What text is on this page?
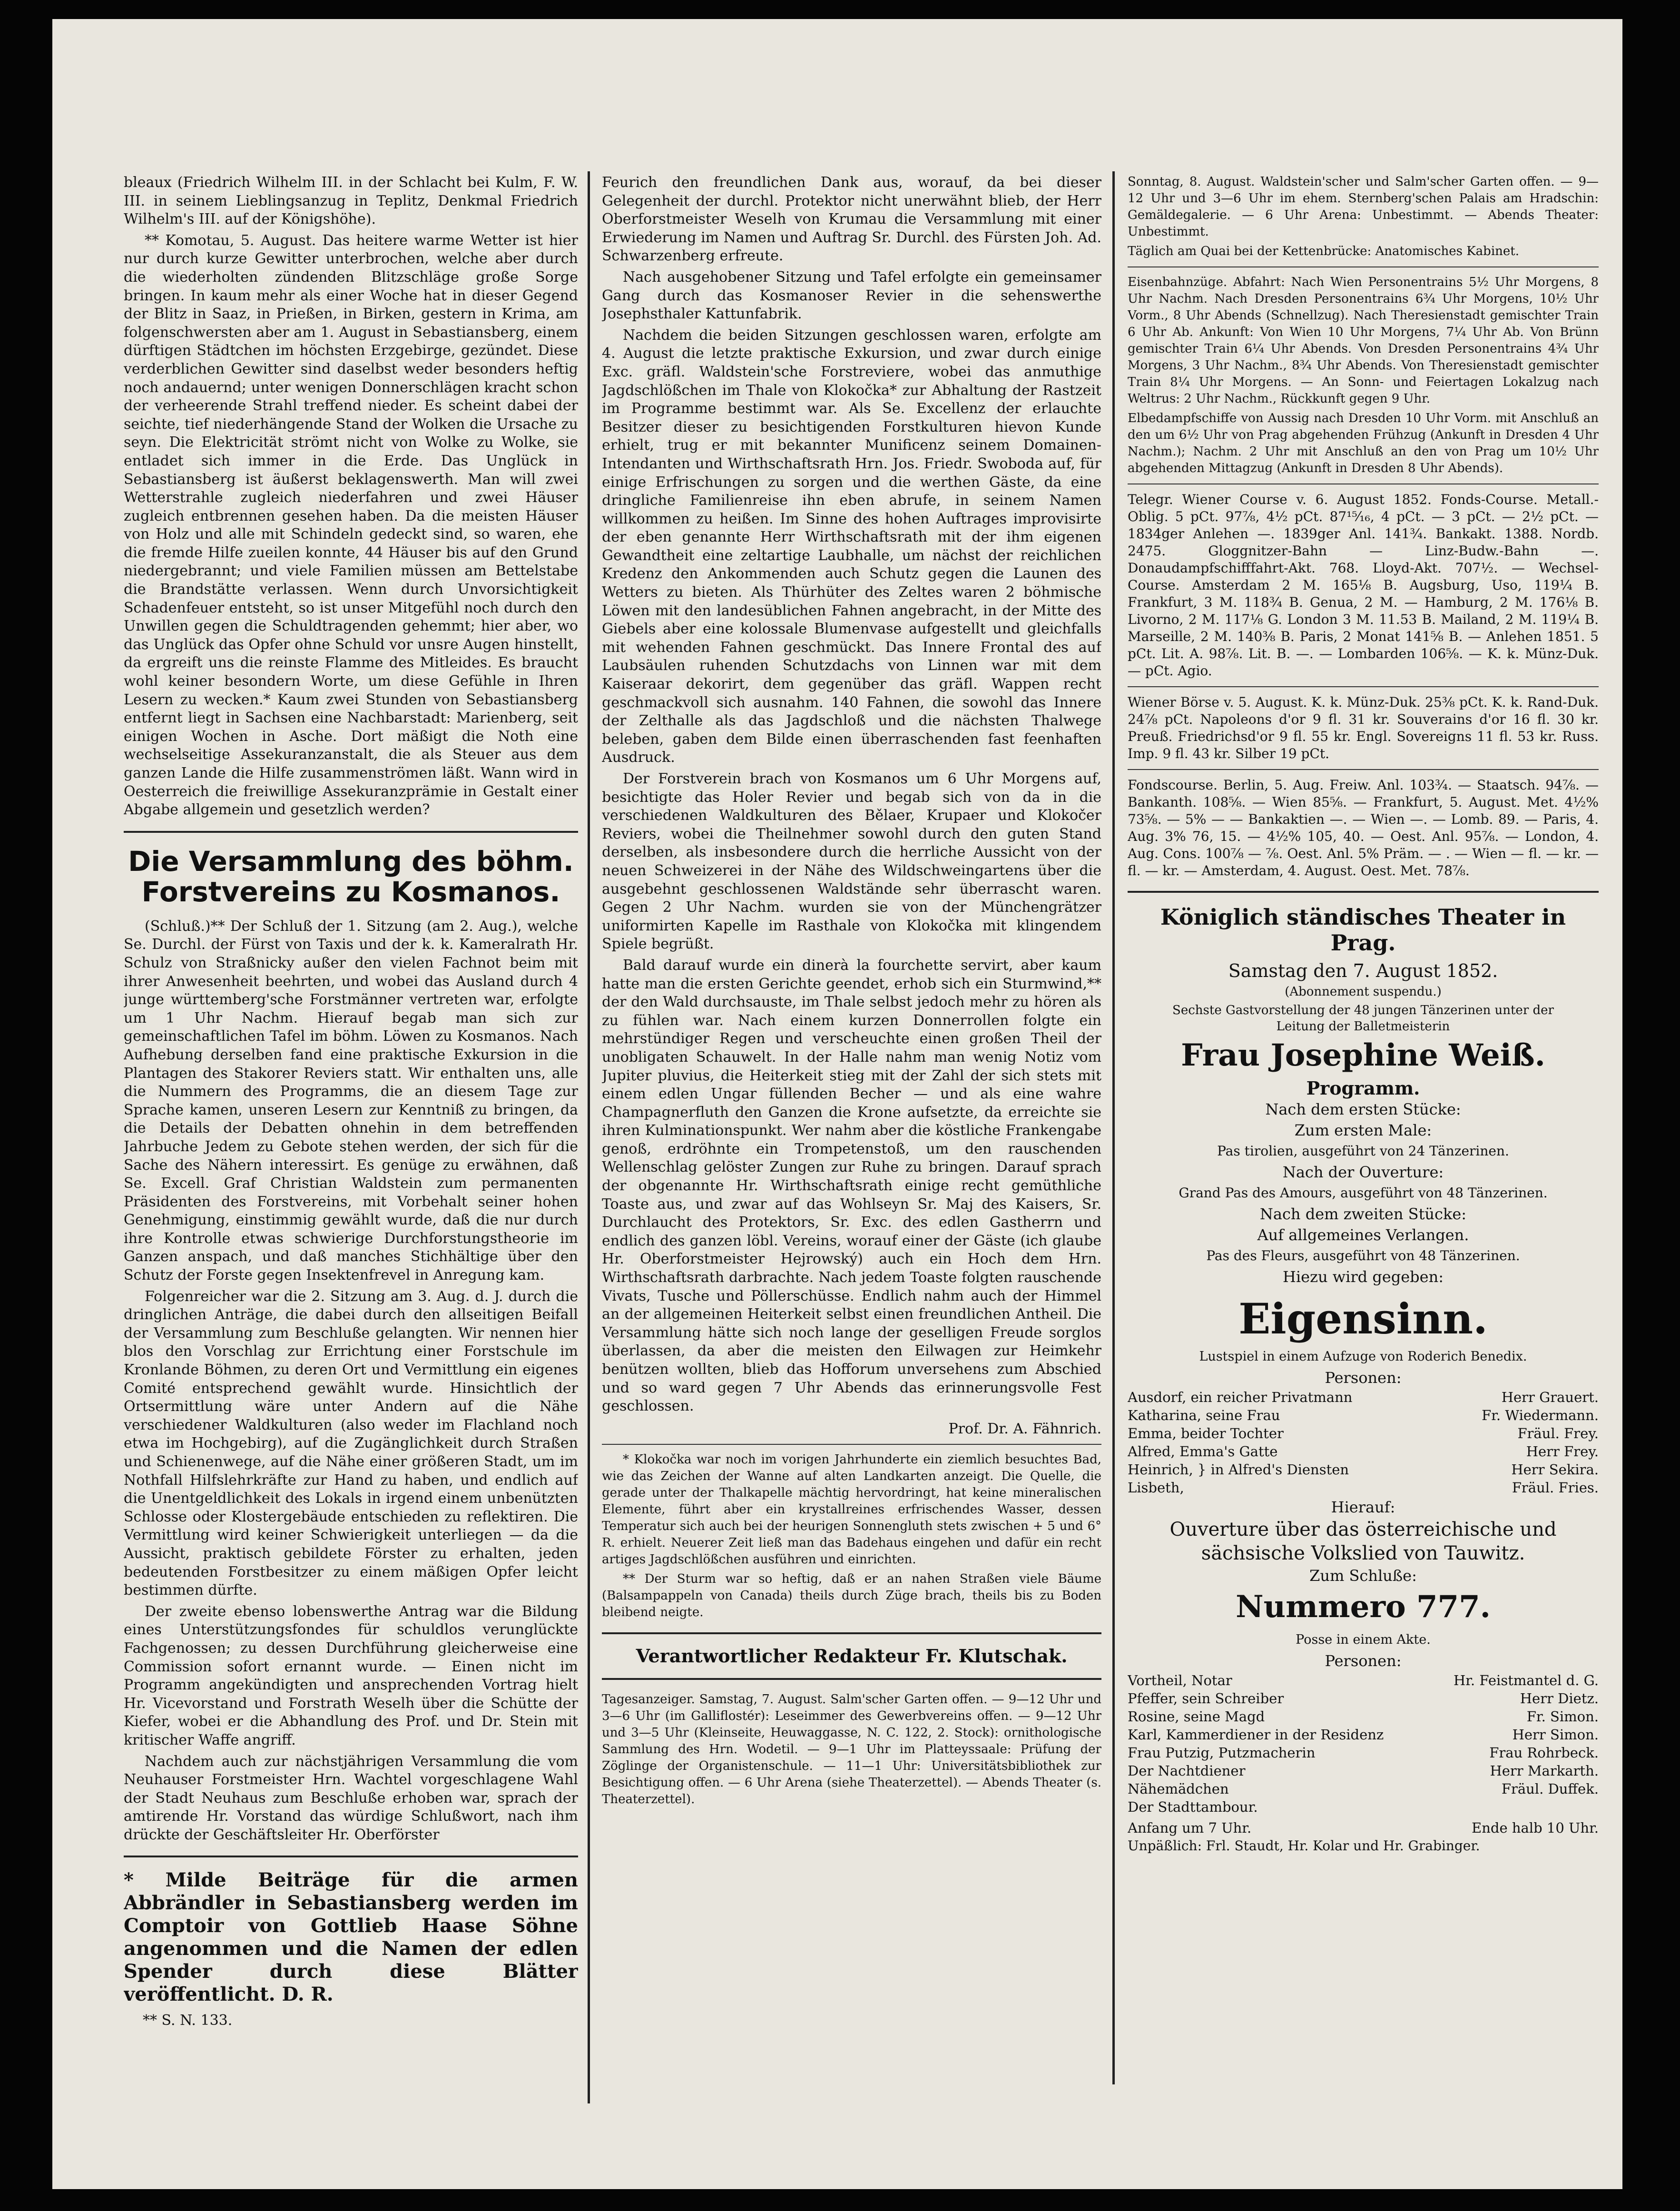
bleaux (Friedrich Wilhelm III. in der Schlacht bei Kulm, F. W. III. in seinem Lieblingsanzug in Teplitz, Denkmal Friedrich Wilhelm's III. auf der Königshöhe).

** Komotau, 5. August. Das heitere warme Wetter ist hier nur durch kurze Gewitter unterbrochen, welche aber durch die wiederholten zündenden Blitzschläge große Sorge bringen. In kaum mehr als einer Woche hat in dieser Gegend der Blitz in Saaz, in Prießen, in Birken, gestern in Krima, am folgenschwersten aber am 1. August in Sebastiansberg, einem dürftigen Städtchen im höchsten Erzgebirge, gezündet. Diese verderblichen Gewitter sind daselbst weder besonders heftig noch andauernd; unter wenigen Donnerschlägen kracht schon der verheerende Strahl treffend nieder. Es scheint dabei der seichte, tief niederhängende Stand der Wolken die Ursache zu seyn. Die Elektricität strömt nicht von Wolke zu Wolke, sie entladet sich immer in die Erde. Das Unglück in Sebastiansberg ist äußerst beklagenswerth. Man will zwei Wetterstrahle zugleich niederfahren und zwei Häuser zugleich entbrennen gesehen haben. Da die meisten Häuser von Holz und alle mit Schindeln gedeckt sind, so waren, ehe die fremde Hilfe zueilen konnte, 44 Häuser bis auf den Grund niedergebrannt; und viele Familien müssen am Bettelstabe die Brandstätte verlassen. Wenn durch Unvorsichtigkeit Schadenfeuer entsteht, so ist unser Mitgefühl noch durch den Unwillen gegen die Schuldtragenden gehemmt; hier aber, wo das Unglück das Opfer ohne Schuld vor unsre Augen hinstellt, da ergreift uns die reinste Flamme des Mitleides. Es braucht wohl keiner besondern Worte, um diese Gefühle in Ihren Lesern zu wecken.* Kaum zwei Stunden von Sebastiansberg entfernt liegt in Sachsen eine Nachbarstadt: Marienberg, seit einigen Wochen in Asche. Dort mäßigt die Noth eine wechselseitige Assekuranzanstalt, die als Steuer aus dem ganzen Lande die Hilfe zusammenströmen läßt. Wann wird in Oesterreich die freiwillige Assekuranzprämie in Gestalt einer Abgabe allgemein und gesetzlich werden?

Die Versammlung des böhm. Forstvereins zu Kosmanos.

(Schluß.)** Der Schluß der 1. Sitzung (am 2. Aug.), welche Se. Durchl. der Fürst von Taxis und der k. k. Kameralrath Hr. Schulz von Straßnicky außer den vielen Fachnot beim mit ihrer Anwesenheit beehrten, und wobei das Ausland durch 4 junge württemberg'sche Forstmänner vertreten war, erfolgte um 1 Uhr Nachm. Hierauf begab man sich zur gemeinschaftlichen Tafel im böhm. Löwen zu Kosmanos. Nach Aufhebung derselben fand eine praktische Exkursion in die Plantagen des Stakorer Reviers statt. Wir enthalten uns, alle die Nummern des Programms, die an diesem Tage zur Sprache kamen, unseren Lesern zur Kenntniß zu bringen, da die Details der Debatten ohnehin in dem betreffenden Jahrbuche Jedem zu Gebote stehen werden, der sich für die Sache des Nähern interessirt. Es genüge zu erwähnen, daß Se. Excell. Graf Christian Waldstein zum permanenten Präsidenten des Forstvereins, mit Vorbehalt seiner hohen Genehmigung, einstimmig gewählt wurde, daß die nur durch ihre Kontrolle etwas schwierige Durchforstungstheorie im Ganzen anspach, und daß manches Stichhältige über den Schutz der Forste gegen Insektenfrevel in Anregung kam.

Folgenreicher war die 2. Sitzung am 3. Aug. d. J. durch die dringlichen Anträge, die dabei durch den allseitigen Beifall der Versammlung zum Beschluße gelangten. Wir nennen hier blos den Vorschlag zur Errichtung einer Forstschule im Kronlande Böhmen, zu deren Ort und Vermittlung ein eigenes Comité entsprechend gewählt wurde. Hinsichtlich der Ortsermittlung wäre unter Andern auf die Nähe verschiedener Waldkulturen (also weder im Flachland noch etwa im Hochgebirg), auf die Zugänglichkeit durch Straßen und Schienenwege, auf die Nähe einer größeren Stadt, um im Nothfall Hilfslehrkräfte zur Hand zu haben, und endlich auf die Unentgeldlichkeit des Lokals in irgend einem unbenützten Schlosse oder Klostergebäude entschieden zu reflektiren. Die Vermittlung wird keiner Schwierigkeit unterliegen — da die Aussicht, praktisch gebildete Förster zu erhalten, jeden bedeutenden Forstbesitzer zu einem mäßigen Opfer leicht bestimmen dürfte.

Der zweite ebenso lobenswerthe Antrag war die Bildung eines Unterstützungsfondes für schuldlos verunglückte Fachgenossen; zu dessen Durchführung gleicherweise eine Commission sofort ernannt wurde. — Einen nicht im Programm angekündigten und ansprechenden Vortrag hielt Hr. Vicevorstand und Forstrath Weselh über die Schütte der Kiefer, wobei er die Abhandlung des Prof. und Dr. Stein mit kritischer Waffe angriff.

Nachdem auch zur nächstjährigen Versammlung die vom Neuhauser Forstmeister Hrn. Wachtel vorgeschlagene Wahl der Stadt Neuhaus zum Beschluße erhoben war, sprach der amtirende Hr. Vorstand das würdige Schlußwort, nach ihm drückte der Geschäftsleiter Hr. Oberförster

* Milde Beiträge für die armen Abbrändler in Sebastiansberg werden im Comptoir von Gottlieb Haase Söhne angenommen und die Namen der edlen Spender durch diese Blätter veröffentlicht. D. R.

** S. N. 133.

Feurich den freundlichen Dank aus, worauf, da bei dieser Gelegenheit der durchl. Protektor nicht unerwähnt blieb, der Herr Oberforstmeister Weselh von Krumau die Versammlung mit einer Erwiederung im Namen und Auftrag Sr. Durchl. des Fürsten Joh. Ad. Schwarzenberg erfreute.

Nach ausgehobener Sitzung und Tafel erfolgte ein gemeinsamer Gang durch das Kosmanoser Revier in die sehenswerthe Josephsthaler Kattunfabrik.

Nachdem die beiden Sitzungen geschlossen waren, erfolgte am 4. August die letzte praktische Exkursion, und zwar durch einige Exc. gräfl. Waldstein'sche Forstreviere, wobei das anmuthige Jagdschlößchen im Thale von Klokočka* zur Abhaltung der Rastzeit im Programme bestimmt war. Als Se. Excellenz der erlauchte Besitzer dieser zu besichtigenden Forstkulturen hievon Kunde erhielt, trug er mit bekannter Munificenz seinem Domainen-Intendanten und Wirthschaftsrath Hrn. Jos. Friedr. Swoboda auf, für einige Erfrischungen zu sorgen und die werthen Gäste, da eine dringliche Familienreise ihn eben abrufe, in seinem Namen willkommen zu heißen. Im Sinne des hohen Auftrages improvisirte der eben genannte Herr Wirthschaftsrath mit der ihm eigenen Gewandtheit eine zeltartige Laubhalle, um nächst der reichlichen Kredenz den Ankommenden auch Schutz gegen die Launen des Wetters zu bieten. Als Thürhüter des Zeltes waren 2 böhmische Löwen mit den landesüblichen Fahnen angebracht, in der Mitte des Giebels aber eine kolossale Blumenvase aufgestellt und gleichfalls mit wehenden Fahnen geschmückt. Das Innere Frontal des auf Laubsäulen ruhenden Schutzdachs von Linnen war mit dem Kaiseraar dekorirt, dem gegenüber das gräfl. Wappen recht geschmackvoll sich ausnahm. 140 Fahnen, die sowohl das Innere der Zelthalle als das Jagdschloß und die nächsten Thalwege beleben, gaben dem Bilde einen überraschenden fast feenhaften Ausdruck.

Der Forstverein brach von Kosmanos um 6 Uhr Morgens auf, besichtigte das Holer Revier und begab sich von da in die verschiedenen Waldkulturen des Bělaer, Krupaer und Klokočer Reviers, wobei die Theilnehmer sowohl durch den guten Stand derselben, als insbesondere durch die herrliche Aussicht von der neuen Schweizerei in der Nähe des Wildschweingartens über die ausgebehnt geschlossenen Waldstände sehr überrascht waren. Gegen 2 Uhr Nachm. wurden sie von der Münchengrätzer uniformirten Kapelle im Rasthale von Klokočka mit klingendem Spiele begrüßt.

Bald darauf wurde ein dinerà la fourchette servirt, aber kaum hatte man die ersten Gerichte geendet, erhob sich ein Sturmwind,** der den Wald durchsauste, im Thale selbst jedoch mehr zu hören als zu fühlen war. Nach einem kurzen Donnerrollen folgte ein mehrstündiger Regen und verscheuchte einen großen Theil der unobligaten Schauwelt. In der Halle nahm man wenig Notiz vom Jupiter pluvius, die Heiterkeit stieg mit der Zahl der sich stets mit einem edlen Ungar füllenden Becher — und als eine wahre Champagnerfluth den Ganzen die Krone aufsetzte, da erreichte sie ihren Kulminationspunkt. Wer nahm aber die köstliche Frankengabe genoß, erdröhnte ein Trompetenstoß, um den rauschenden Wellenschlag gelöster Zungen zur Ruhe zu bringen. Darauf sprach der obgenannte Hr. Wirthschaftsrath einige recht gemüthliche Toaste aus, und zwar auf das Wohlseyn Sr. Maj des Kaisers, Sr. Durchlaucht des Protektors, Sr. Exc. des edlen Gastherrn und endlich des ganzen löbl. Vereins, worauf einer der Gäste (ich glaube Hr. Oberforstmeister Hejrowský) auch ein Hoch dem Hrn. Wirthschaftsrath darbrachte. Nach jedem Toaste folgten rauschende Vivats, Tusche und Pöllerschüsse. Endlich nahm auch der Himmel an der allgemeinen Heiterkeit selbst einen freundlichen Antheil. Die Versammlung hätte sich noch lange der geselligen Freude sorglos überlassen, da aber die meisten den Eilwagen zur Heimkehr benützen wollten, blieb das Hofforum unversehens zum Abschied und so ward gegen 7 Uhr Abends das erinnerungsvolle Fest geschlossen.

Prof. Dr. A. Fähnrich.

* Klokočka war noch im vorigen Jahrhunderte ein ziemlich besuchtes Bad, wie das Zeichen der Wanne auf alten Landkarten anzeigt. Die Quelle, die gerade unter der Thalkapelle mächtig hervordringt, hat keine mineralischen Elemente, führt aber ein krystallreines erfrischendes Wasser, dessen Temperatur sich auch bei der heurigen Sonnengluth stets zwischen + 5 und 6° R. erhielt. Neuerer Zeit ließ man das Badehaus eingehen und dafür ein recht artiges Jagdschlößchen ausführen und einrichten.

** Der Sturm war so heftig, daß er an nahen Straßen viele Bäume (Balsampappeln von Canada) theils durch Züge brach, theils bis zu Boden bleibend neigte.

Verantwortlicher Redakteur Fr. Klutschak.

Tagesanzeiger. Samstag, 7. August. Salm'scher Garten offen. — 9—12 Uhr und 3—6 Uhr (im Galliflostér): Leseimmer des Gewerbvereins offen. — 9—12 Uhr und 3—5 Uhr (Kleinseite, Heuwaggasse, N. C. 122, 2. Stock): ornithologische Sammlung des Hrn. Wodetil. — 9—1 Uhr im Platteyssaale: Prüfung der Zöglinge der Organistenschule. — 11—1 Uhr: Universitätsbibliothek zur Besichtigung offen. — 6 Uhr Arena (siehe Theaterzettel). — Abends Theater (s. Theaterzettel).

Sonntag, 8. August. Waldstein'scher und Salm'scher Garten offen. — 9—12 Uhr und 3—6 Uhr im ehem. Sternberg'schen Palais am Hradschin: Gemäldegalerie. — 6 Uhr Arena: Unbestimmt. — Abends Theater: Unbestimmt.

Täglich am Quai bei der Kettenbrücke: Anatomisches Kabinet.

Eisenbahnzüge. Abfahrt: Nach Wien Personentrains 5½ Uhr Morgens, 8 Uhr Nachm. Nach Dresden Personentrains 6¾ Uhr Morgens, 10½ Uhr Vorm., 8 Uhr Abends (Schnellzug). Nach Theresienstadt gemischter Train 6 Uhr Ab. Ankunft: Von Wien 10 Uhr Morgens, 7¼ Uhr Ab. Von Brünn gemischter Train 6¼ Uhr Abends. Von Dresden Personentrains 4¾ Uhr Morgens, 3 Uhr Nachm., 8¾ Uhr Abends. Von Theresienstadt gemischter Train 8¼ Uhr Morgens. — An Sonn- und Feiertagen Lokalzug nach Weltrus: 2 Uhr Nachm., Rückkunft gegen 9 Uhr.

Elbedampfschiffe von Aussig nach Dresden 10 Uhr Vorm. mit Anschluß an den um 6½ Uhr von Prag abgehenden Frühzug (Ankunft in Dresden 4 Uhr Nachm.); Nachm. 2 Uhr mit Anschluß an den von Prag um 10½ Uhr abgehenden Mittagzug (Ankunft in Dresden 8 Uhr Abends).

Telegr. Wiener Course v. 6. August 1852. Fonds-Course. Metall.-Oblig. 5 pCt. 97⅞, 4½ pCt. 87¹⁵⁄₁₆, 4 pCt. — 3 pCt. — 2½ pCt. — 1834ger Anlehen —. 1839ger Anl. 141¾. Bankakt. 1388. Nordb. 2475. Gloggnitzer-Bahn — Linz-Budw.-Bahn —. Donaudampfschifffahrt-Akt. 768. Lloyd-Akt. 707½. — Wechsel-Course. Amsterdam 2 M. 165⅛ B. Augsburg, Uso, 119¼ B. Frankfurt, 3 M. 118¾ B. Genua, 2 M. — Hamburg, 2 M. 176⅛ B. Livorno, 2 M. 117⅛ G. London 3 M. 11.53 B. Mailand, 2 M. 119¼ B. Marseille, 2 M. 140⅜ B. Paris, 2 Monat 141⅝ B. — Anlehen 1851. 5 pCt. Lit. A. 98⅞. Lit. B. —. — Lombarden 106⅝. — K. k. Münz-Duk. — pCt. Agio.

Wiener Börse v. 5. August. K. k. Münz-Duk. 25⅜ pCt. K. k. Rand-Duk. 24⅞ pCt. Napoleons d'or 9 fl. 31 kr. Souverains d'or 16 fl. 30 kr. Preuß. Friedrichsd'or 9 fl. 55 kr. Engl. Sovereigns 11 fl. 53 kr. Russ. Imp. 9 fl. 43 kr. Silber 19 pCt.

Fondscourse. Berlin, 5. Aug. Freiw. Anl. 103¾. — Staatsch. 94⅞. — Bankanth. 108⅝. — Wien 85⅝. — Frankfurt, 5. August. Met. 4½% 73⅝. — 5% — — Bankaktien —. — Wien —. — Lomb. 89. — Paris, 4. Aug. 3% 76, 15. — 4½% 105, 40. — Oest. Anl. 95⅞. — London, 4. Aug. Cons. 100⅞ — ⅞. Oest. Anl. 5% Präm. — . — Wien — fl. — kr. — fl. — kr. — Amsterdam, 4. August. Oest. Met. 78⅞.

Königlich ständisches Theater in Prag.
Samstag den 7. August 1852.
(Abonnement suspendu.)
Sechste Gastvorstellung der 48 jungen Tänzerinen unter der
Leitung der Balletmeisterin
Frau Josephine Weiß.
Programm.
Nach dem ersten Stücke:
Zum ersten Male:
Pas tirolien, ausgeführt von 24 Tänzerinen.
Nach der Ouverture:
Grand Pas des Amours, ausgeführt von 48 Tänzerinen.
Nach dem zweiten Stücke:
Auf allgemeines Verlangen.
Pas des Fleurs, ausgeführt von 48 Tänzerinen.
Hiezu wird gegeben:
Eigensinn.
Lustspiel in einem Aufzuge von Roderich Benedix.
Personen:
Ausdorf, ein reicher Privatmann	Herr Grauert.
Katharina, seine Frau	Fr. Wiedermann.
Emma, beider Tochter	Fräul. Frey.
Alfred, Emma's Gatte	Herr Frey.
Heinrich, } in Alfred's Diensten	Herr Sekira.
Lisbeth,	Fräul. Fries.
Hierauf:
Ouverture über das österreichische und sächsische Volkslied von Tauwitz.
Zum Schluße:
Nummero 777.
Posse in einem Akte.
Personen:
Vortheil, Notar	Hr. Feistmantel d. G.
Pfeffer, sein Schreiber	Herr Dietz.
Rosine, seine Magd	Fr. Simon.
Karl, Kammerdiener in der Residenz	Herr Simon.
Frau Putzig, Putzmacherin	Frau Rohrbeck.
Der Nachtdiener	Herr Markarth.
Nähemädchen	Fräul. Duffek.
Der Stadttambour.
Anfang um 7 Uhr.	Ende halb 10 Uhr.
Unpäßlich: Frl. Staudt, Hr. Kolar und Hr. Grabinger.
